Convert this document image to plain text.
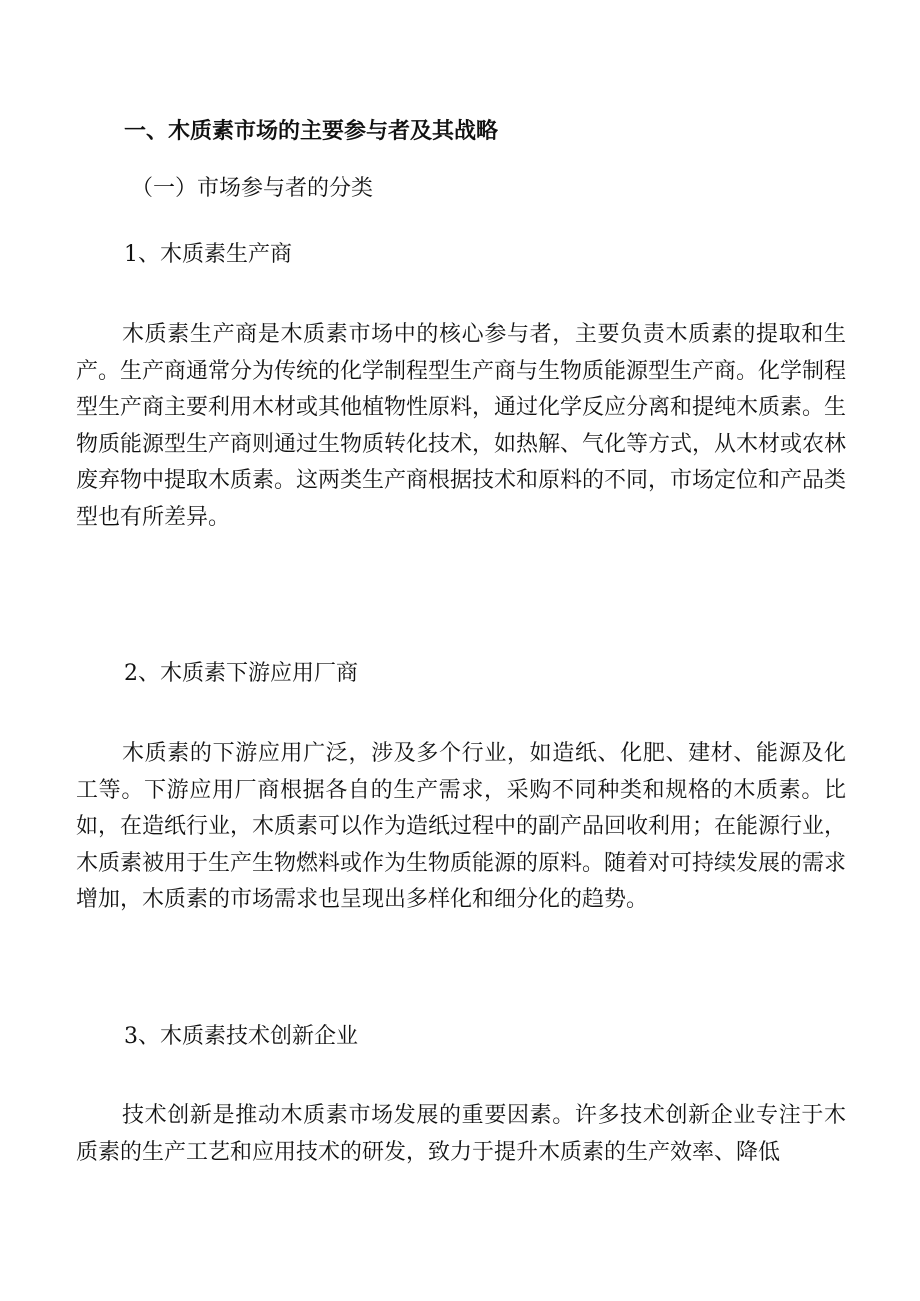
一、木质素市场的主要参与者及其战略
（一）市场参与者的分类
1、木质素生产商

木质素生产商是木质素市场中的核心参与者，主要负责木质素的提取和生产。生产商通常分为传统的化学制程型生产商与生物质能源型生产商。化学制程型生产商主要利用木材或其他植物性原料，通过化学反应分离和提纯木质素。生物质能源型生产商则通过生物质转化技术，如热解、气化等方式，从木材或农林废弃物中提取木质素。这两类生产商根据技术和原料的不同，市场定位和产品类型也有所差异。

2、木质素下游应用厂商

木质素的下游应用广泛，涉及多个行业，如造纸、化肥、建材、能源及化工等。下游应用厂商根据各自的生产需求，采购不同种类和规格的木质素。比如，在造纸行业，木质素可以作为造纸过程中的副产品回收利用；在能源行业，木质素被用于生产生物燃料或作为生物质能源的原料。随着对可持续发展的需求增加，木质素的市场需求也呈现出多样化和细分化的趋势。

3、木质素技术创新企业

技术创新是推动木质素市场发展的重要因素。许多技术创新企业专注于木质素的生产工艺和应用技术的研发，致力于提升木质素的生产效率、降低
